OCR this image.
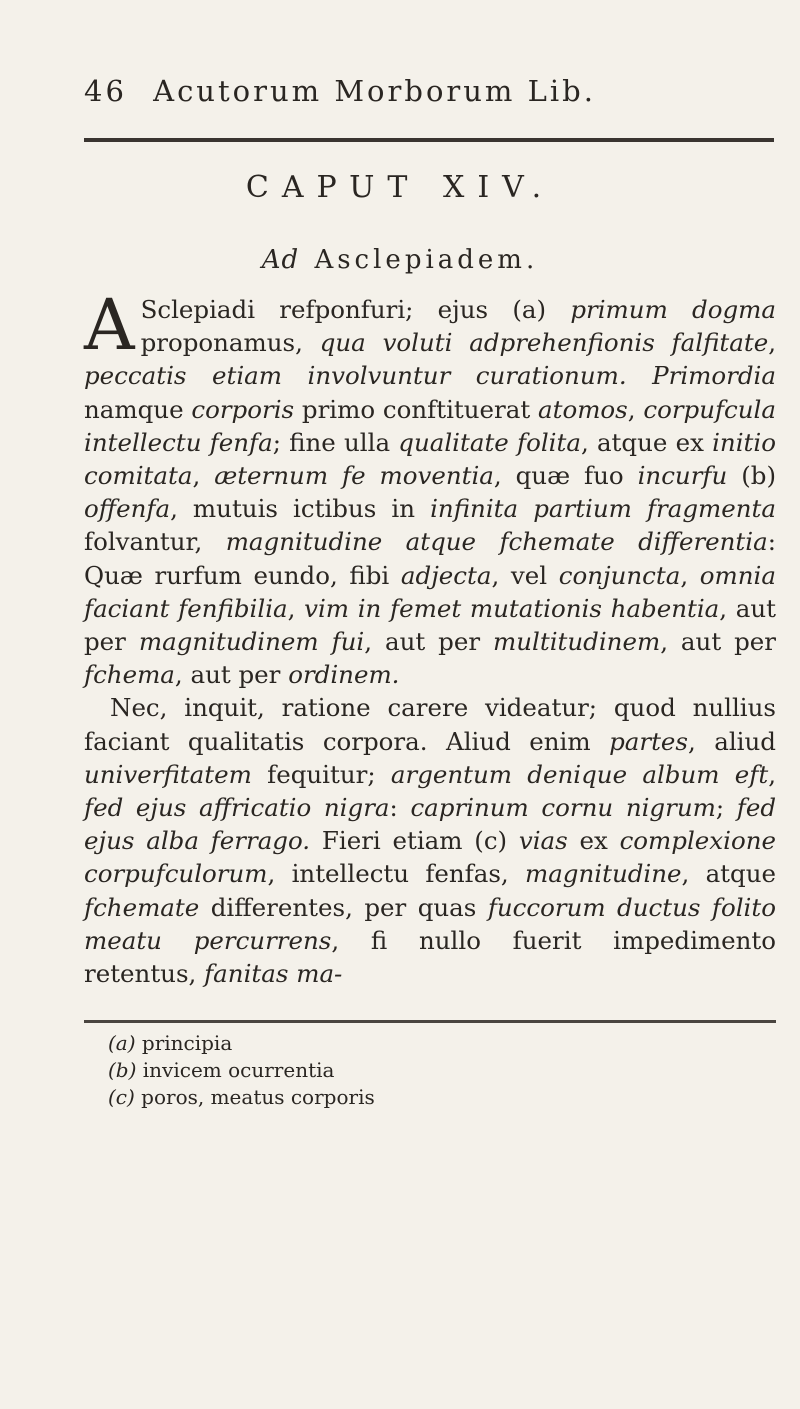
46 Acutorum Morborum Lib.
CAPUT XIV.
Ad Asclepiadem.

A Sclepiadi refponfuri; ejus (a) primum dogma proponamus, qua voluti adprehenfionis falfitate, peccatis etiam involvuntur curationum. Primordia namque corporis primo conftituerat atomos, corpufcula intellectu fenfa; fine ulla qualitate folita, atque ex initio comitata, æternum fe moventia, quæ fuo incurfu (b) offenfa, mutuis ictibus in infinita partium fragmenta folvantur, magnitudine atque fchemate differentia: Quæ rurfum eundo, fibi adjecta, vel conjuncta, omnia faciant fenfibilia, vim in femet mutationis habentia, aut per magnitudinem fui, aut per multitudinem, aut per fchema, aut per ordinem.

Nec, inquit, ratione carere videatur; quod nullius faciant qualitatis corpora. Aliud enim partes, aliud univerfitatem fequitur; argentum denique album eft, fed ejus affricatio nigra: caprinum cornu nigrum; fed ejus alba ferrago. Fieri etiam (c) vias ex complexione corpufculorum, intellectu fenfas, magnitudine, atque fchemate differentes, per quas fuccorum ductus folito meatu percurrens, fi nullo fuerit impedimento retentus, fanitas ma-

(a) principia
(b) invicem ocurrentia
(c) poros, meatus corporis
